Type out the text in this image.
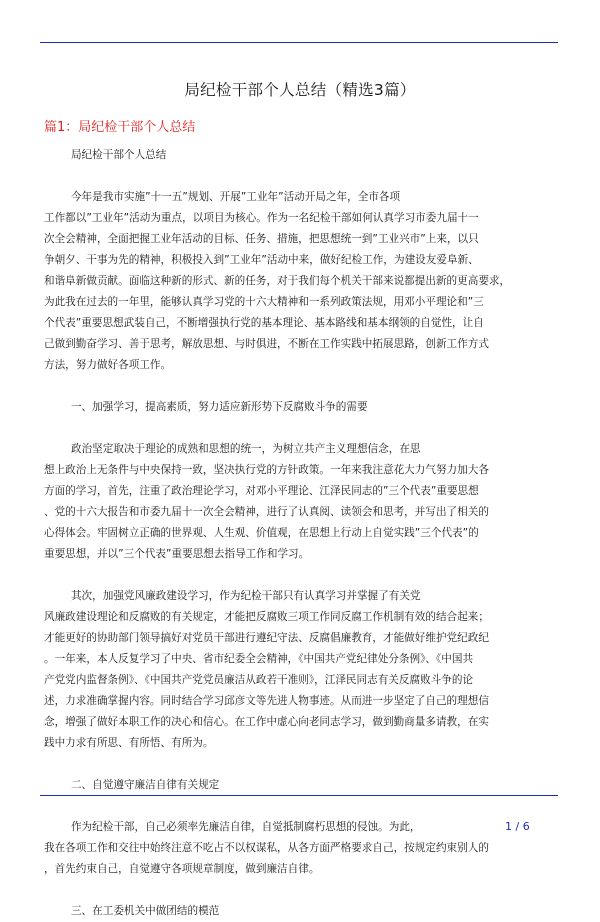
局纪检干部个人总结（精选3篇）
篇1：局纪检干部个人总结
局纪检干部个人总结

今年是我市实施”十一五”规划、开展”工业年”活动开局之年，全市各项
工作都以”工业年”活动为重点，以项目为核心。作为一名纪检干部如何认真学习市委九届十一
次全会精神，全面把握工业年活动的目标、任务、措施，把思想统一到”工业兴市”上来，以只
争朝夕、干事为先的精神，积极投入到”工业年”活动中来，做好纪检工作，为建设友爱阜新、
和谐阜新做贡献。面临这种新的形式、新的任务，对于我们每个机关干部来说都提出新的更高要求，
为此我在过去的一年里，能够认真学习党的十六大精神和一系列政策法规，用邓小平理论和”三
个代表”重要思想武装自己，不断增强执行党的基本理论、基本路线和基本纲领的自觉性，让自
己做到勤奋学习、善于思考，解放思想、与时俱进，不断在工作实践中拓展思路，创新工作方式
方法，努力做好各项工作。

一、加强学习，提高素质，努力适应新形势下反腐败斗争的需要

政治坚定取决于理论的成熟和思想的统一，为树立共产主义理想信念，在思
想上政治上无条件与中央保持一致，坚决执行党的方针政策。一年来我注意花大力气努力加大各
方面的学习，首先，注重了政治理论学习，对邓小平理论、江泽民同志的”三个代表”重要思想
、党的十六大报告和市委九届十一次全会精神，进行了认真阅、读领会和思考，并写出了相关的
心得体会。牢固树立正确的世界观、人生观、价值观，在思想上行动上自觉实践”三个代表”的
重要思想，并以”三个代表”重要思想去指导工作和学习。

其次，加强党风廉政建设学习，作为纪检干部只有认真学习并掌握了有关党
风廉政建设理论和反腐败的有关规定，才能把反腐败三项工作同反腐工作机制有效的结合起来；
才能更好的协助部门领导搞好对党员干部进行遵纪守法、反腐倡廉教育，才能做好维护党纪政纪
。一年来，本人反复学习了中央、省市纪委全会精神，《中国共产党纪律处分条例》、《中国共
产党党内监督条例》、《中国共产党党员廉洁从政若干准则》，江泽民同志有关反腐败斗争的论
述，力求准确掌握内容。同时结合学习邱彦文等先进人物事迹。从而进一步坚定了自己的理想信
念，增强了做好本职工作的决心和信心。在工作中虚心向老同志学习，做到勤商量多请教，在实
践中力求有所思、有所悟、有所为。

二、自觉遵守廉洁自律有关规定

作为纪检干部，自己必须率先廉洁自律，自觉抵制腐朽思想的侵蚀。为此，
我在各项工作和交往中始终注意不吃占不以权谋私，从各方面严格要求自己，按规定约束别人的
，首先约束自己，自觉遵守各项规章制度，做到廉洁自律。

三、在工委机关中做团结的模范
1 / 6
